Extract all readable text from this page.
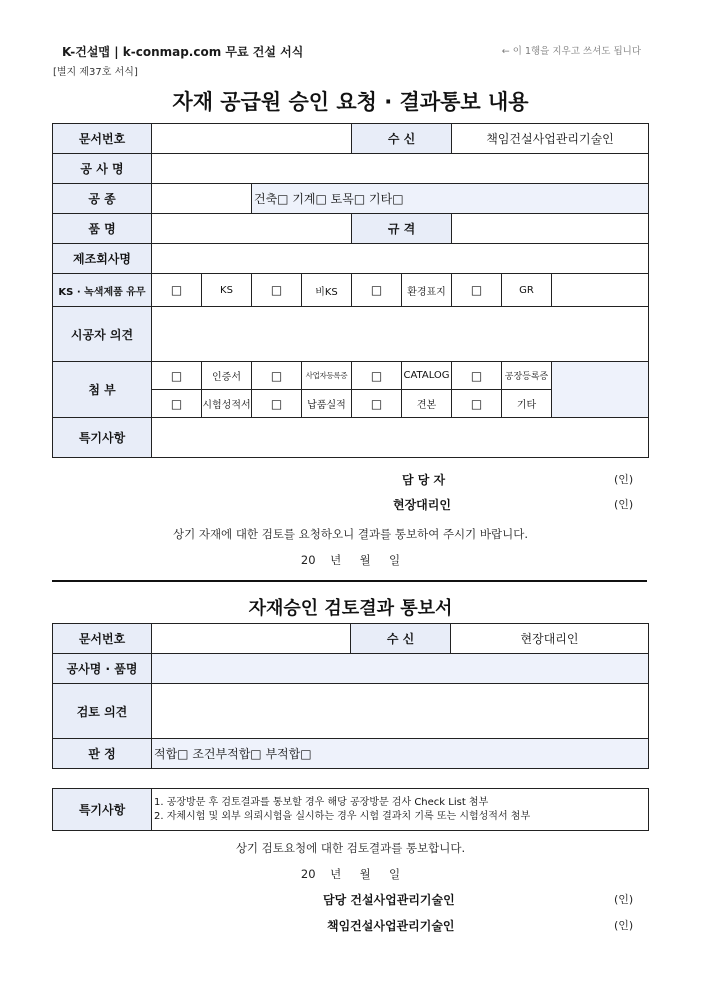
K-건설맵 | k-conmap.com 무료 건설 서식	← 이 1행을 지우고 쓰셔도 됩니다
[별지 제37호 서식]
자재 공급원 승인 요청 · 결과통보 내용
문서번호					수 신		책임건설사업관리기술인		
공 사 명									
공 종			건축□ 기계□ 토목□ 기타□						
품 명					규 격				
제조회사명									
KS · 녹색제품 유무	□	KS	□	비KS	□	환경표지	□	GR	
시공자 의견									
첨 부	□	인증서	□	사업자등록증	□	CATALOG	□	공장등록증	
	□	시험성적서	□	납품실적	□	견본	□	기타	
특기사항									
담 당 자	(인)
현장대리인	(인)
상기 자재에 대한 검토를 요청하오니 결과를 통보하여 주시기 바랍니다.
20    년     월     일
자재승인 검토결과 통보서
문서번호		수 신	현장대리인
공사명 · 품명			
검토 의견			
판 정	적합□ 조건부적합□ 부적합□		
특기사항	
1. 공장방문 후 검토결과를 통보할 경우 해당 공장방문 검사 Check List 첨부
2. 자체시험 및 외부 의뢰시험을 실시하는 경우 시험 결과치 기록 또는 시험성적서 첨부
상기 검토요청에 대한 검토결과를 통보합니다.
20    년     월     일
담당 건설사업관리기술인	(인)
책임건설사업관리기술인	(인)
